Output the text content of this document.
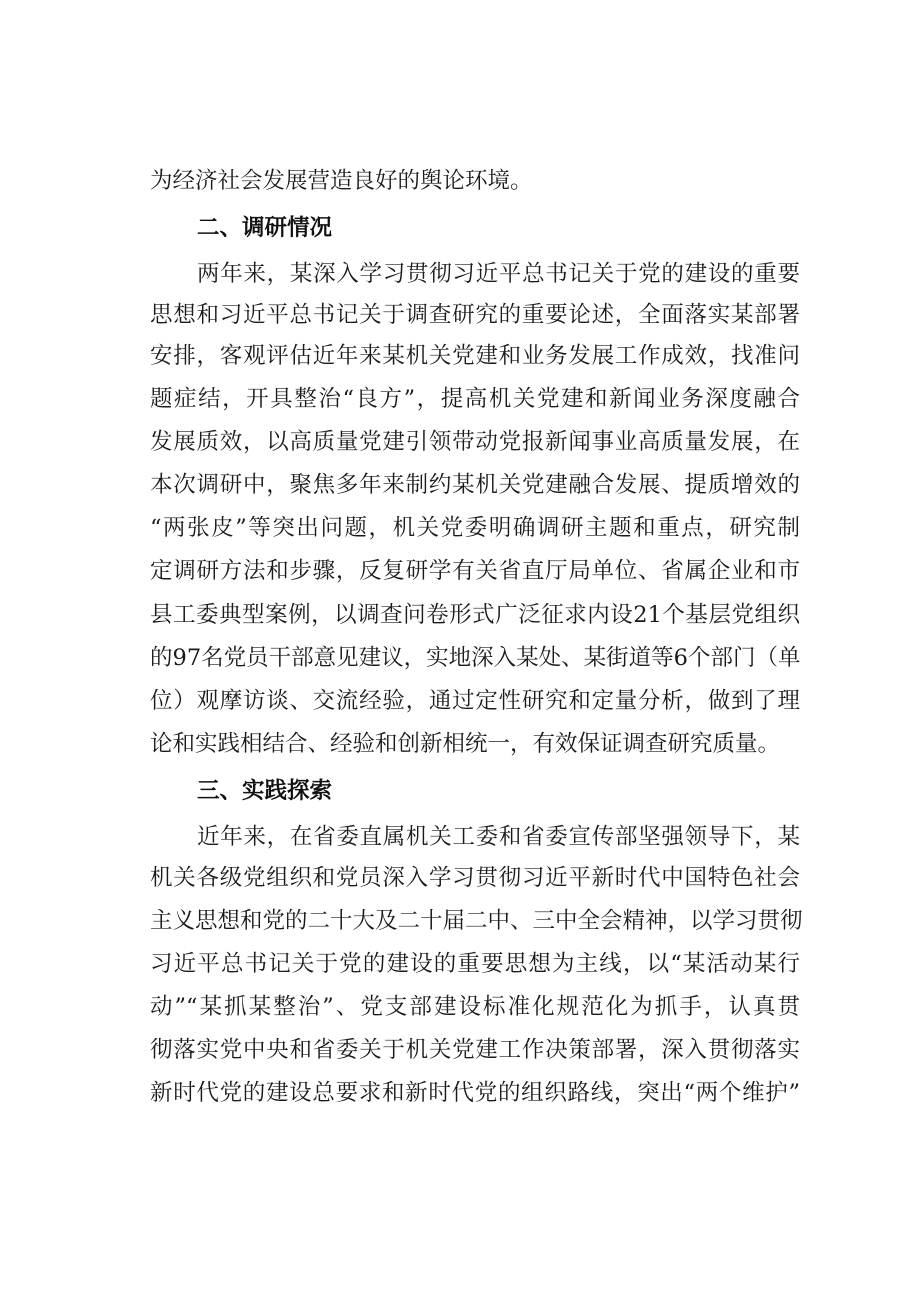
为经济社会发展营造良好的舆论环境。
二、调研情况
两年来，某深入学习贯彻习近平总书记关于党的建设的重要
思想和习近平总书记关于调查研究的重要论述，全面落实某部署
安排，客观评估近年来某机关党建和业务发展工作成效，找准问
题症结，开具整治“良方”，提高机关党建和新闻业务深度融合
发展质效，以高质量党建引领带动党报新闻事业高质量发展，在
本次调研中，聚焦多年来制约某机关党建融合发展、提质增效的
“两张皮”等突出问题，机关党委明确调研主题和重点，研究制
定调研方法和步骤，反复研学有关省直厅局单位、省属企业和市
县工委典型案例，以调查问卷形式广泛征求内设21个基层党组织
的97名党员干部意见建议，实地深入某处、某街道等6个部门（单
位）观摩访谈、交流经验，通过定性研究和定量分析，做到了理
论和实践相结合、经验和创新相统一，有效保证调查研究质量。
三、实践探索
近年来，在省委直属机关工委和省委宣传部坚强领导下，某
机关各级党组织和党员深入学习贯彻习近平新时代中国特色社会
主义思想和党的二十大及二十届二中、三中全会精神，以学习贯彻
习近平总书记关于党的建设的重要思想为主线，以“某活动某行
动”“某抓某整治”、党支部建设标准化规范化为抓手，认真贯
彻落实党中央和省委关于机关党建工作决策部署，深入贯彻落实
新时代党的建设总要求和新时代党的组织路线，突出“两个维护”
